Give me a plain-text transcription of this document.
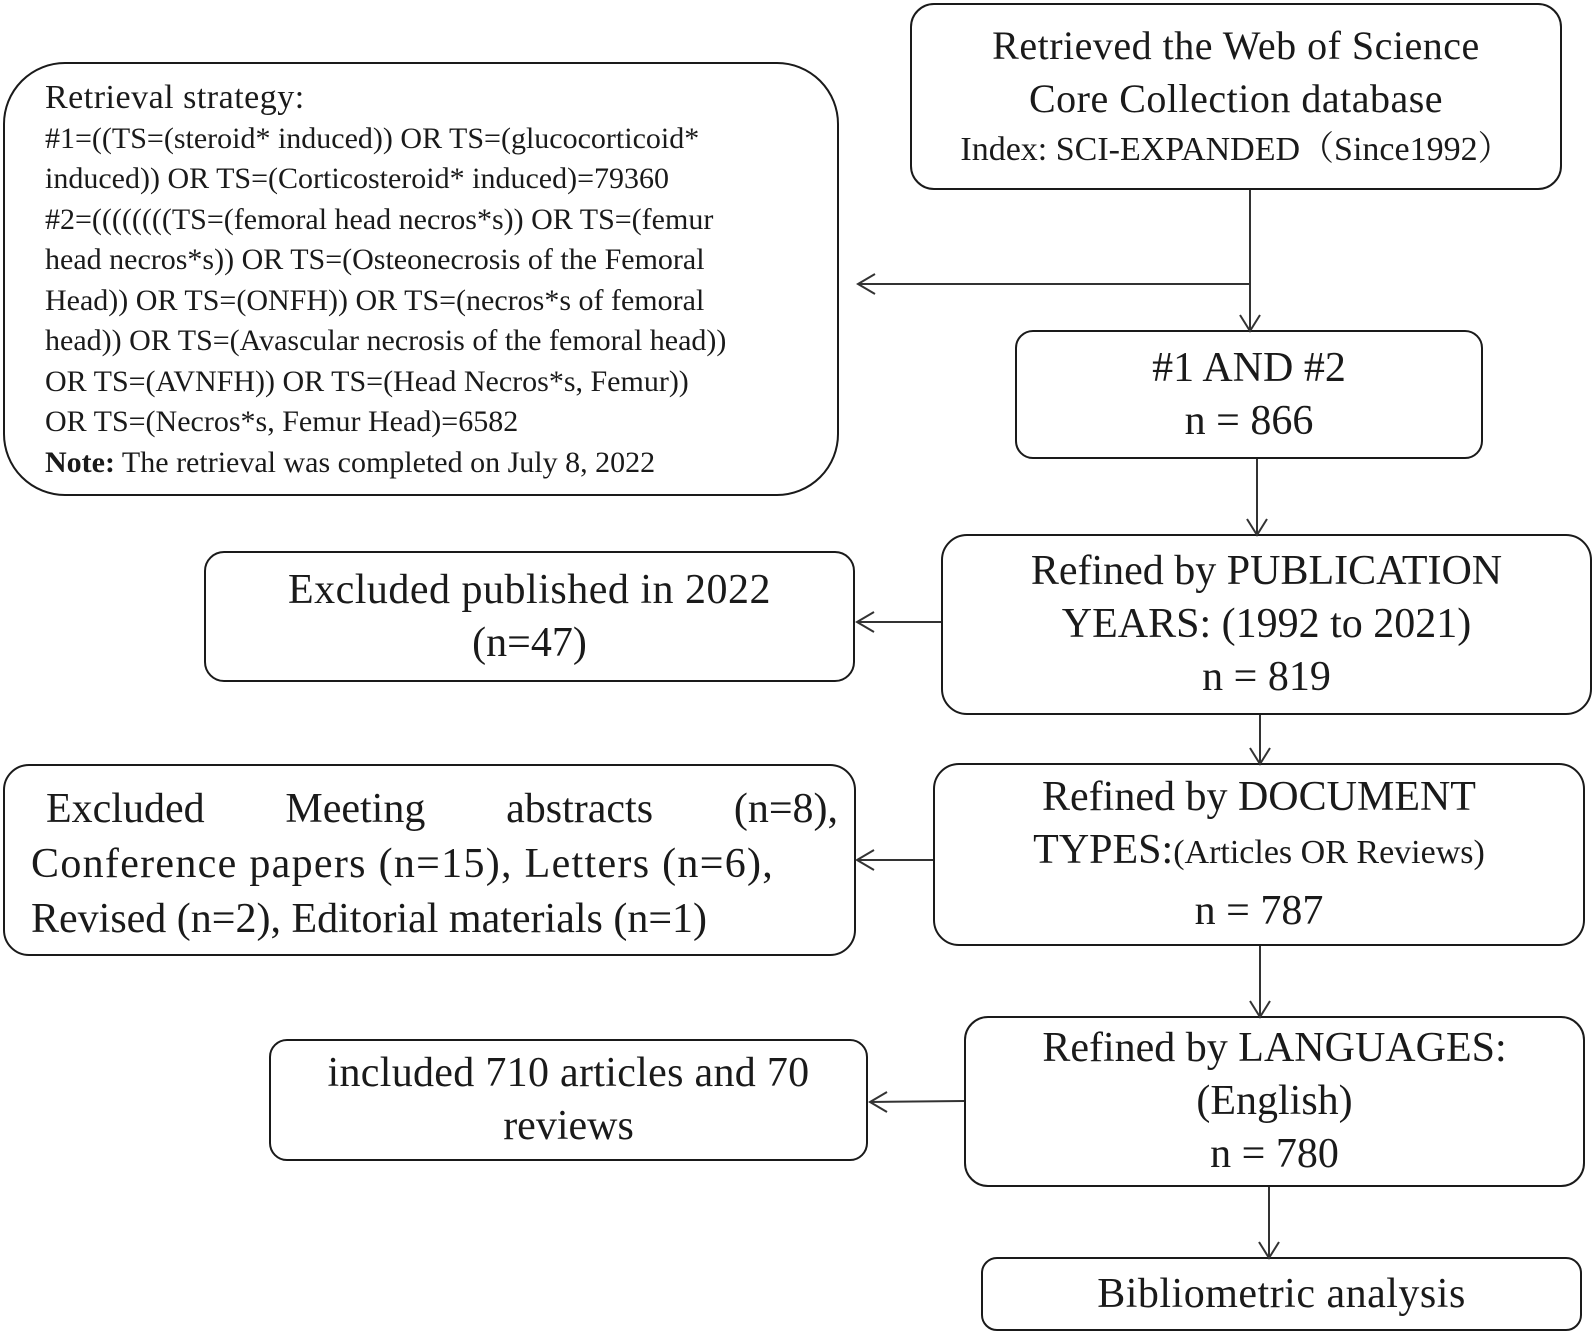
Retrieval strategy:
#1=((TS=(steroid* induced)) OR TS=(glucocorticoid*
induced)) OR TS=(Corticosteroid* induced)=79360
#2=((((((((TS=(femoral head necros*s)) OR TS=(femur
head necros*s)) OR TS=(Osteonecrosis of the Femoral
Head)) OR TS=(ONFH)) OR TS=(necros*s of femoral
head)) OR TS=(Avascular necrosis of the femoral head))
OR TS=(AVNFH)) OR TS=(Head Necros*s, Femur))
OR TS=(Necros*s, Femur Head)=6582
Note: The retrieval was completed on July 8, 2022
Retrieved the Web of Science
Core Collection database
Index: SCI-EXPANDED（Since1992）
#1 AND #2
n = 866
Excluded published in 2022
(n=47)
Refined by PUBLICATION
YEARS: (1992 to 2021)
n = 819
Excluded Meeting abstracts (n=8),
Conference papers (n=15), Letters (n=6),
Revised (n=2), Editorial materials (n=1)
Refined by DOCUMENT
TYPES:(Articles OR Reviews)
n = 787
included 710 articles and 70
reviews
Refined by LANGUAGES:
(English)
n = 780
Bibliometric analysis
